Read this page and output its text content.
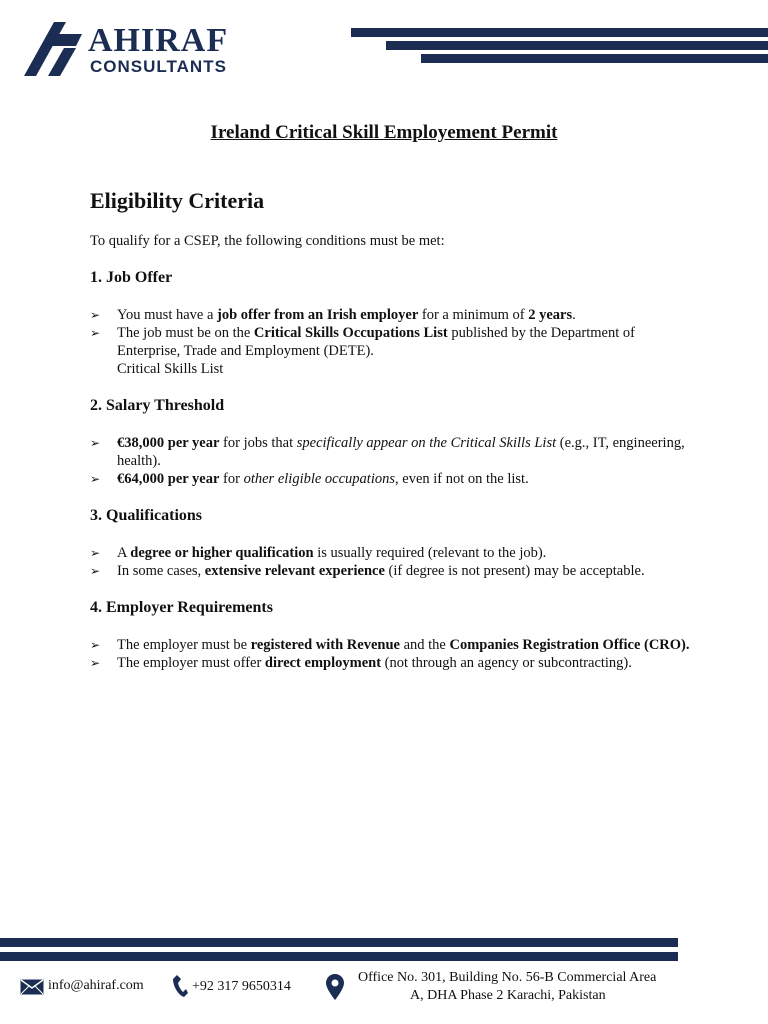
AHIRAF
CONSULTANTS
Ireland Critical Skill Employement Permit
Eligibility Criteria
To qualify for a CSEP, the following conditions must be met:
1. Job Offer
➢ You must have a job offer from an Irish employer for a minimum of 2 years.
➢ The job must be on the Critical Skills Occupations List published by the Department of Enterprise, Trade and Employment (DETE).
Critical Skills List
2. Salary Threshold
➢ €38,000 per year for jobs that specifically appear on the Critical Skills List (e.g., IT, engineering, health).
➢ €64,000 per year for other eligible occupations, even if not on the list.
3. Qualifications
➢ A degree or higher qualification is usually required (relevant to the job).
➢ In some cases, extensive relevant experience (if degree is not present) may be acceptable.
4. Employer Requirements
➢ The employer must be registered with Revenue and the Companies Registration Office (CRO).
➢ The employer must offer direct employment (not through an agency or subcontracting).
info@ahiraf.com	+92 317 9650314
Office No. 301, Building No. 56-B Commercial Area
A, DHA Phase 2 Karachi, Pakistan
